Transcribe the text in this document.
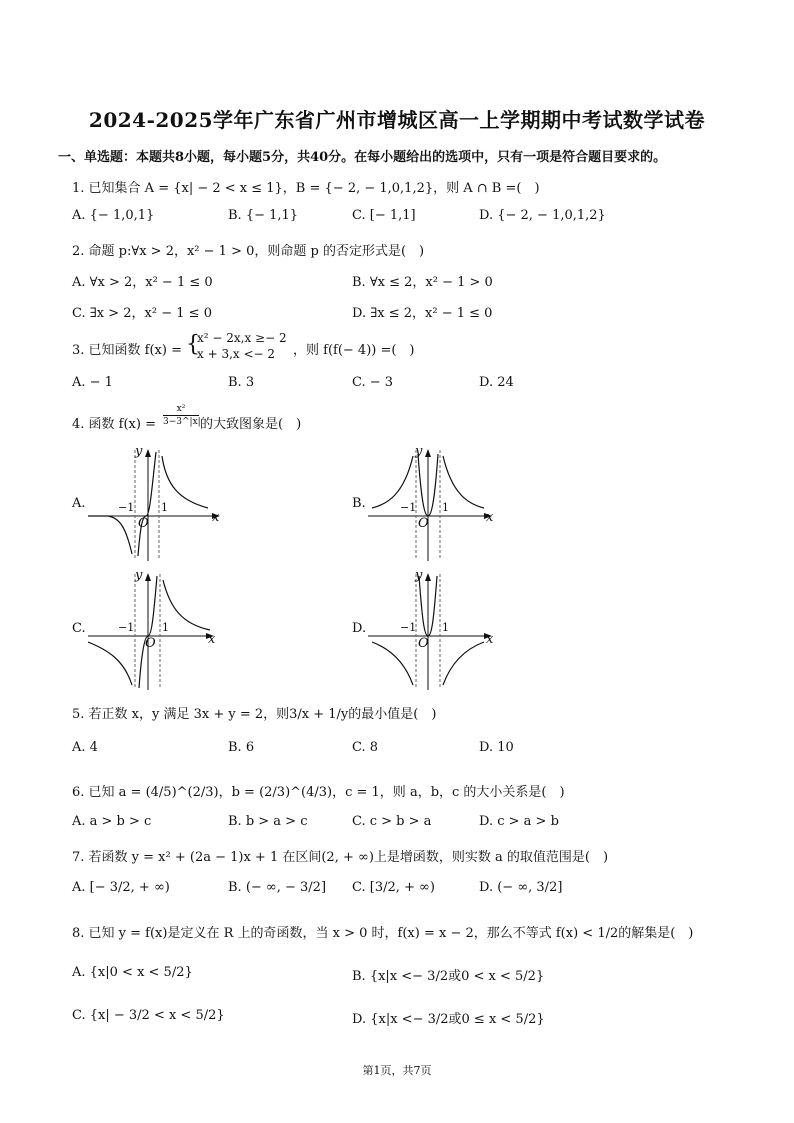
2024-2025学年广东省广州市增城区高一上学期期中考试数学试卷
一、单选题：本题共8小题，每小题5分，共40分。在每小题给出的选项中，只有一项是符合题目要求的。
1. 已知集合 A = {x| − 2 < x ≤ 1}，B = {− 2, − 1,0,1,2}，则 A ∩ B =(　)
A. {− 1,0,1}	B. {− 1,1}	C. [− 1,1]	D. {− 2, − 1,0,1,2}
2. 命题 p:∀x > 2，x² − 1 > 0，则命题 p 的否定形式是(　)
A. ∀x > 2，x² − 1 ≤ 0	B. ∀x ≤ 2，x² − 1 > 0
C. ∃x > 2，x² − 1 ≤ 0	D. ∃x ≤ 2，x² − 1 ≤ 0
3. 已知函数 f(x) = {
x² − 2x,x ≥− 2
x + 3,x <− 2 ，则 f(f(− 4)) =(　)
A. − 1	B. 3	C. − 3	D. 24
4. 函数 f(x) =
x²
3−3^|x| 的大致图象是(　)
A.	B.
C.	D.
y
x
O
−1 1
y
x
O
−1 1
y
x
O
−1	1
y
x
O
−1 1
5. 若正数 x，y 满足 3x + y = 2，则3/x + 1/y的最小值是(　)
A. 4	B. 6	C. 8	D. 10
6. 已知 a = (4/5)^(2/3)，b = (2/3)^(4/3)，c = 1，则 a，b，c 的大小关系是(　)
A. a > b > c	B. b > a > c	C. c > b > a	D. c > a > b
7. 若函数 y = x² + (2a − 1)x + 1 在区间(2, + ∞)上是增函数，则实数 a 的取值范围是(　)
A. [− 3/2, + ∞)	B. (− ∞, − 3/2] C. [3/2, + ∞)	D. (− ∞, 3/2]
8. 已知 y = f(x)是定义在 R 上的奇函数，当 x > 0 时，f(x) = x − 2，那么不等式 f(x) < 1/2的解集是(　)
A. {x|0 < x < 5/2}	B. {x|x <− 3/2或0 < x < 5/2}
C. {x| − 3/2 < x < 5/2}	D. {x|x <− 3/2或0 ≤ x < 5/2}
第1页，共7页
